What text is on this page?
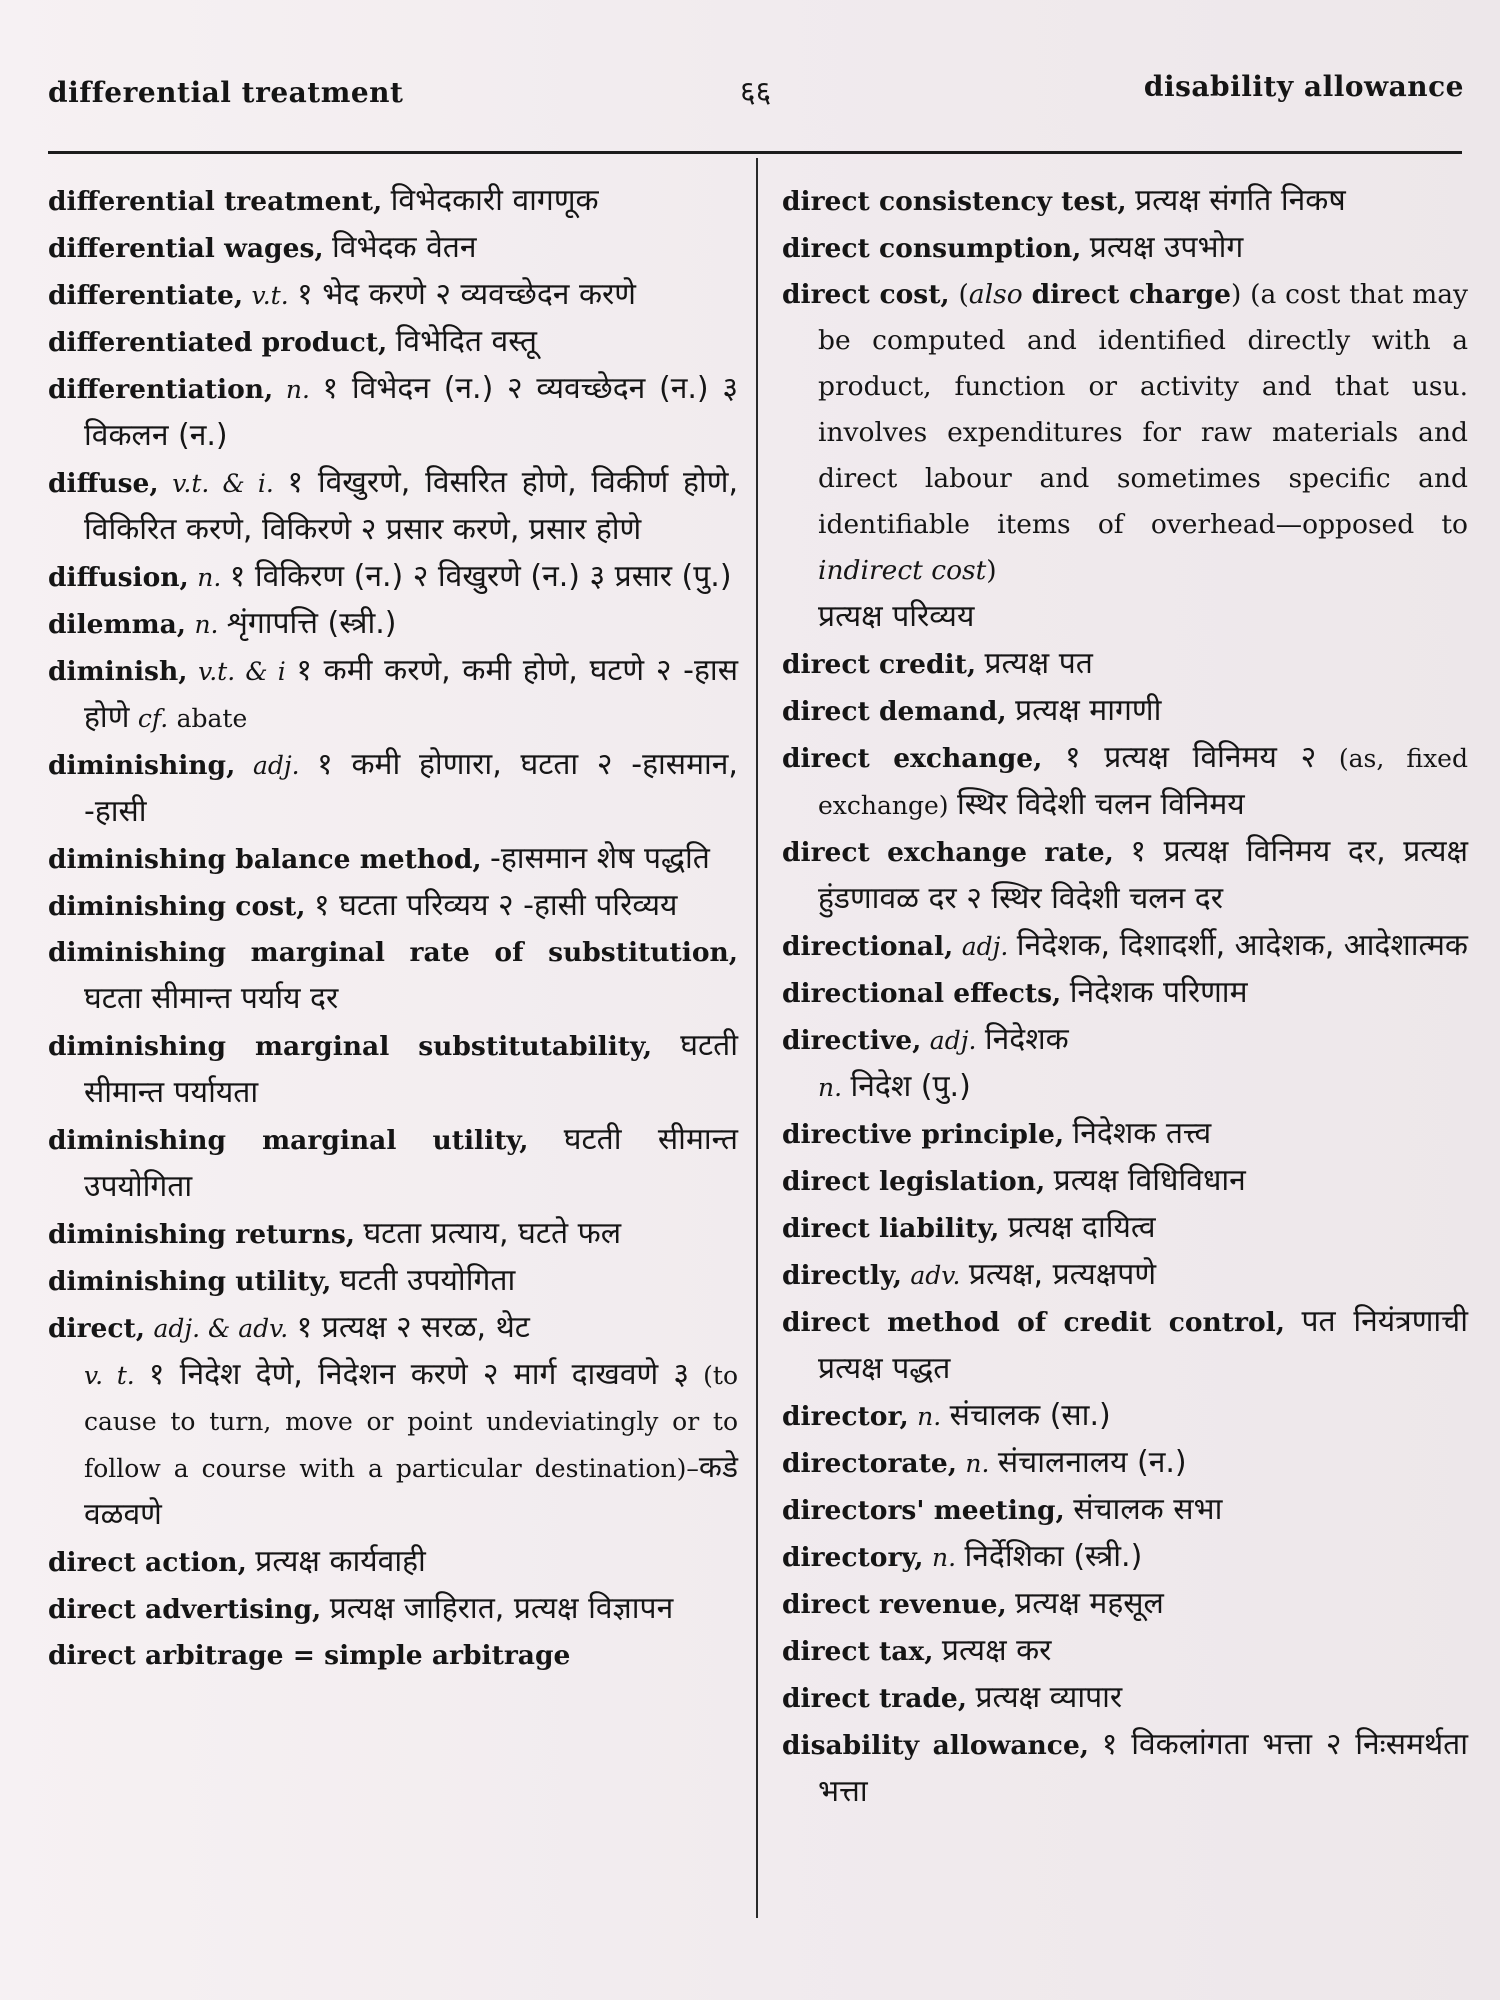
differential treatment	६६	disability allowance

differential treatment, विभेदकारी वागणूक

differential wages, विभेदक वेतन

differentiate, v.t. १ भेद करणे २ व्यवच्छेदन करणे

differentiated product, विभेदित वस्तू

differentiation, n. १ विभेदन (न.) २ व्यवच्छेदन (न.) ३ विकलन (न.)

diffuse, v.t. & i. १ विखुरणे, विसरित होणे, विकीर्ण होणे, विकिरित करणे, विकिरणे २ प्रसार करणे, प्रसार होणे

diffusion, n. १ विकिरण (न.) २ विखुरणे (न.) ३ प्रसार (पु.)

dilemma, n. शृंगापत्ति (स्त्री.)

diminish, v.t. & i १ कमी करणे, कमी होणे, घटणे २ -हास होणे cf. abate

diminishing, adj. १ कमी होणारा, घटता २ -हासमान, -हासी

diminishing balance method, -हासमान शेष पद्धति

diminishing cost, १ घटता परिव्यय २ -हासी परिव्यय

diminishing marginal rate of substitution, घटता सीमान्त पर्याय दर

diminishing marginal substitutability, घटती सीमान्त पर्यायता

diminishing marginal utility, घटती सीमान्त उपयोगिता

diminishing returns, घटता प्रत्याय, घटते फल

diminishing utility, घटती उपयोगिता

direct, adj. & adv. १ प्रत्यक्ष २ सरळ, थेट
v. t. १ निदेश देणे, निदेशन करणे २ मार्ग दाखवणे ३ (to cause to turn, move or point undeviatingly or to follow a course with a particular destination)–कडे वळवणे

direct action, प्रत्यक्ष कार्यवाही

direct advertising, प्रत्यक्ष जाहिरात, प्रत्यक्ष विज्ञापन

direct arbitrage = simple arbitrage

direct consistency test, प्रत्यक्ष संगति निकष

direct consumption, प्रत्यक्ष उपभोग

direct cost, (also direct charge) (a cost that may be computed and identified directly with a product, function or activity and that usu. involves expenditures for raw materials and direct labour and sometimes specific and identifiable items of overhead—opposed to indirect cost)
प्रत्यक्ष परिव्यय

direct credit, प्रत्यक्ष पत

direct demand, प्रत्यक्ष मागणी

direct exchange, १ प्रत्यक्ष विनिमय २ (as, fixed exchange) स्थिर विदेशी चलन विनिमय

direct exchange rate, १ प्रत्यक्ष विनिमय दर, प्रत्यक्ष हुंडणावळ दर २ स्थिर विदेशी चलन दर

directional, adj. निदेशक, दिशादर्शी, आदेशक, आदेशात्मक

directional effects, निदेशक परिणाम

directive, adj. निदेशक
n. निदेश (पु.)

directive principle, निदेशक तत्त्व

direct legislation, प्रत्यक्ष विधिविधान

direct liability, प्रत्यक्ष दायित्व

directly, adv. प्रत्यक्ष, प्रत्यक्षपणे

direct method of credit control, पत नियंत्रणाची प्रत्यक्ष पद्धत

director, n. संचालक (सा.)

directorate, n. संचालनालय (न.)

directors' meeting, संचालक सभा

directory, n. निर्देशिका (स्त्री.)

direct revenue, प्रत्यक्ष महसूल

direct tax, प्रत्यक्ष कर

direct trade, प्रत्यक्ष व्यापार

disability allowance, १ विकलांगता भत्ता २ निःसमर्थता भत्ता
